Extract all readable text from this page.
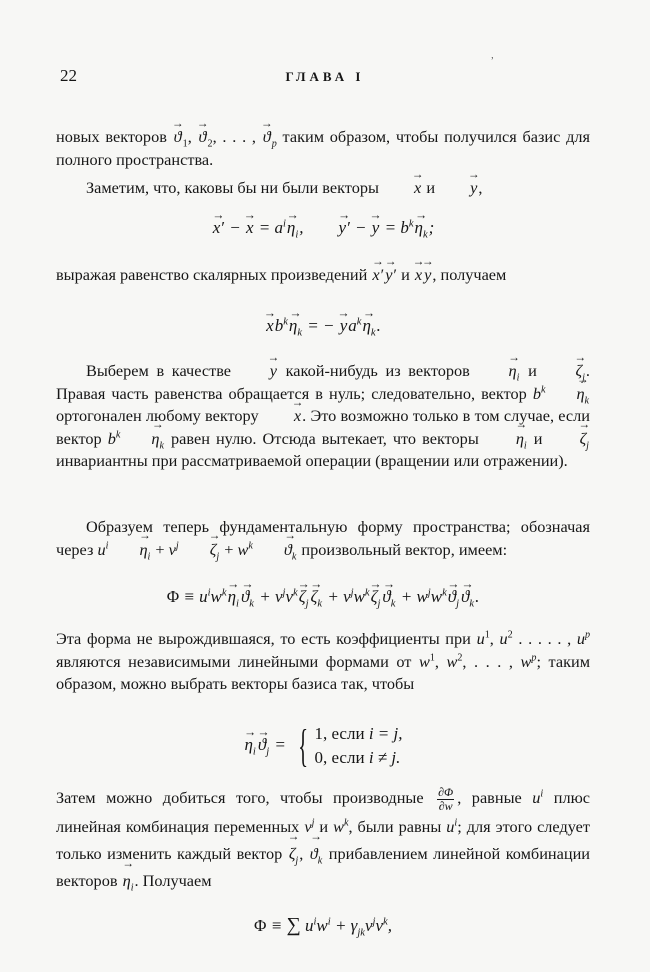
22	ГЛАВА I
ʼ

новых векторов → $ϑ_1$, → $ϑ_2$, . . . , → $ϑ_p$ таким образом, чтобы получился базис для полного пространства.

Заметим, что, каковы бы ни были векторы → x и → y,

→ x′ − → $x = a^i\to \eta_i$,        → y′ − → $y = b^k\to \eta_k$;

выражая равенство скалярных произведений → x′ → y′ и → x → y, получаем

→ $xb^k\to \eta_k$ = − → $ya^k\to \eta_k$.

Выберем в качестве → y какой-нибудь из векторов → $\eta_i$ $и \to \zeta_j$. Правая часть равенства обращается в нуль; следовательно, вектор $b^k \to \eta_k$ ортогонален любому вектору → x. Это возможно только в том случае, если вектор $b^k \to \eta_k$ равен нулю. Отсюда вытекает, что векторы → $\eta_i$ $и \to \zeta_j$ инвариантны при рассматриваемой операции (вращении или отражении).

Образуем теперь фундаментальную форму пространства; обозначая через $u^i \to \eta_i + v^j \to \zeta_j + w^k \to ϑ_k$ произвольный вектор, имеем:

$\Phi \equiv u^iw^k\to \eta_i \to ϑ_k + v^jv^k\to \zeta_j \to \zeta_k + v^jw^k\to \zeta_j \to ϑ_k + w^jw^k\to ϑ_j \to ϑ_k$.

Эта форма не вырождившаяся, то есть коэффициенты при $u^1$, $u^2$ . . . . . , $u^p$ являются независимыми линейными формами от $w^1$, $w^2$, . . . , $w^p$; таким образом, можно выбрать векторы базиса так, чтобы

→ $\eta_i \to ϑ_j$ = { 1, если i = j,
0, если i ≠ j.

Затем можно добиться того, чтобы производные $\frac{\partial\Phi}{\partial w}$ , равные $u^i$ плюс линейная комбинация переменных $v^j$ и $w^k$, были равны $u^i$; для этого следует только изменить каждый вектор → $\zeta_j$, → $ϑ_k$ прибавлением линейной комбинации векторов → $\eta_i$. Получаем

Φ ≡ ∑ $u^iw^i + \gamma_{jk}v^jv^k$,
